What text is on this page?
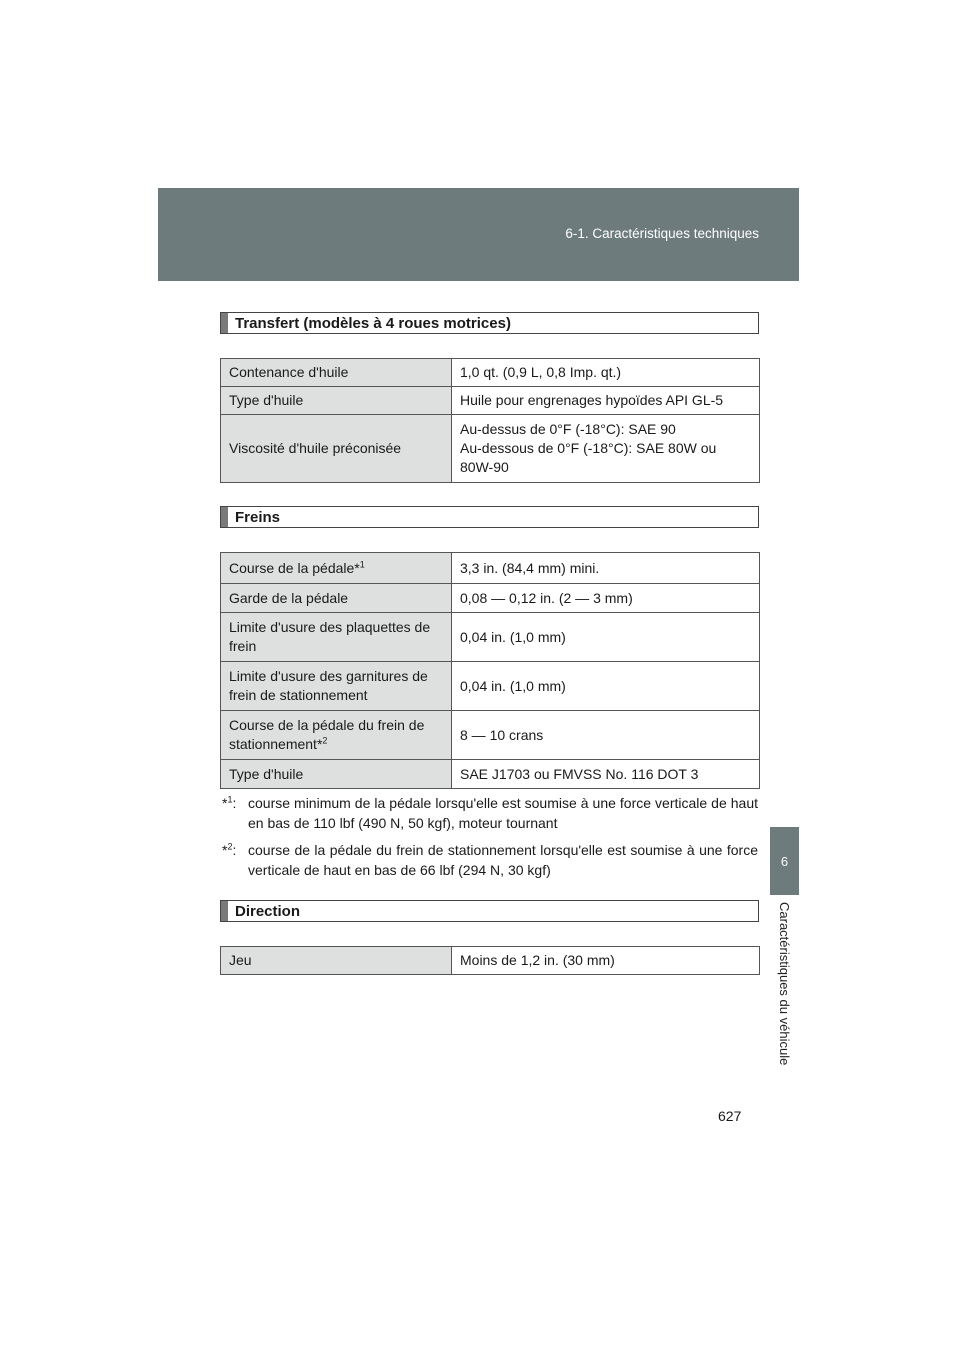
6-1. Caractéristiques techniques
6
Caractéristiques du véhicule
Transfert (modèles à 4 roues motrices)
Contenance d'huile	1,0 qt. (0,9 L, 0,8 Imp. qt.)
Type d'huile	Huile pour engrenages hypoïdes API GL-5
Viscosité d'huile préconisée	Au-dessus de 0°F (-18°C): SAE 90
Au-dessous de 0°F (-18°C): SAE 80W ou
80W-90
Freins
Course de la pédale*$^1$	3,3 in. (84,4 mm) mini.
Garde de la pédale	0,08 — 0,12 in. (2 — 3 mm)

Limite d'usure des plaquettes de
frein	0,04 in. (1,0 mm)

Limite d'usure des garnitures de
frein de stationnement	0,04 in. (1,0 mm)

Course de la pédale du frein de
stationnement*$^2$	8 — 10 crans
Type d'huile	SAE J1703 ou FMVSS No. 116 DOT 3
*$^1$: course minimum de la pédale lorsqu'elle est soumise à une force verticale de haut en bas de 110 lbf (490 N, 50 kgf), moteur tournant
*$^2$: course de la pédale du frein de stationnement lorsqu'elle est soumise à une force verticale de haut en bas de 66 lbf (294 N, 30 kgf)
Direction
Jeu	Moins de 1,2 in. (30 mm)
627
